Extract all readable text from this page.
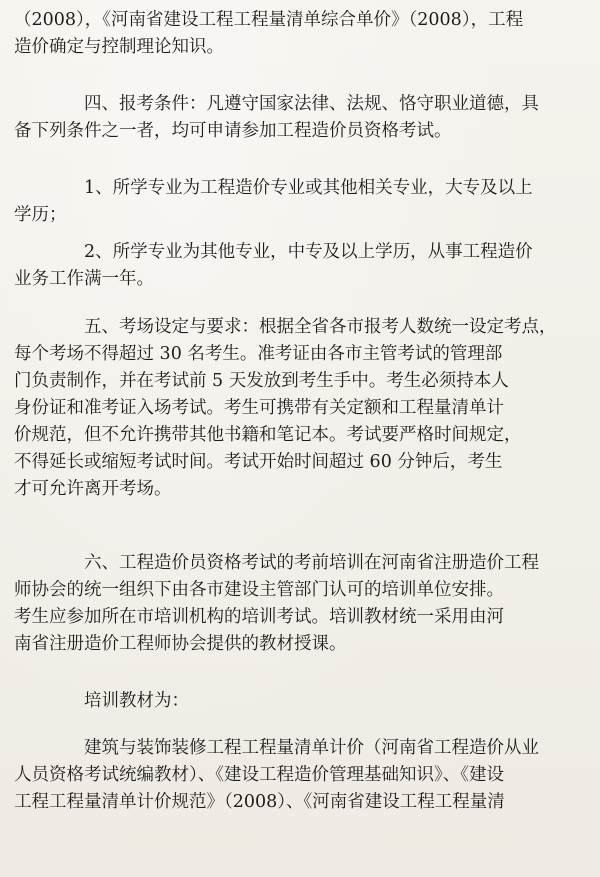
（2008），《河南省建设工程工程量清单综合单价》（2008），工程
造价确定与控制理论知识。
四、报考条件：凡遵守国家法律、法规、恪守职业道德，具
备下列条件之一者，均可申请参加工程造价员资格考试。
1、所学专业为工程造价专业或其他相关专业，大专及以上
学历；
2、所学专业为其他专业，中专及以上学历，从事工程造价
业务工作满一年。
五、考场设定与要求：根据全省各市报考人数统一设定考点，
每个考场不得超过 30 名考生。准考证由各市主管考试的管理部
门负责制作，并在考试前 5 天发放到考生手中。考生必须持本人
身份证和准考证入场考试。考生可携带有关定额和工程量清单计
价规范，但不允许携带其他书籍和笔记本。考试要严格时间规定，
不得延长或缩短考试时间。考试开始时间超过 60 分钟后，考生
才可允许离开考场。
六、工程造价员资格考试的考前培训在河南省注册造价工程
师协会的统一组织下由各市建设主管部门认可的培训单位安排。
考生应参加所在市培训机构的培训考试。培训教材统一采用由河
南省注册造价工程师协会提供的教材授课。
培训教材为：
建筑与装饰装修工程工程量清单计价（河南省工程造价从业
人员资格考试统编教材）、《建设工程造价管理基础知识》、《建设
工程工程量清单计价规范》（2008）、《河南省建设工程工程量清
